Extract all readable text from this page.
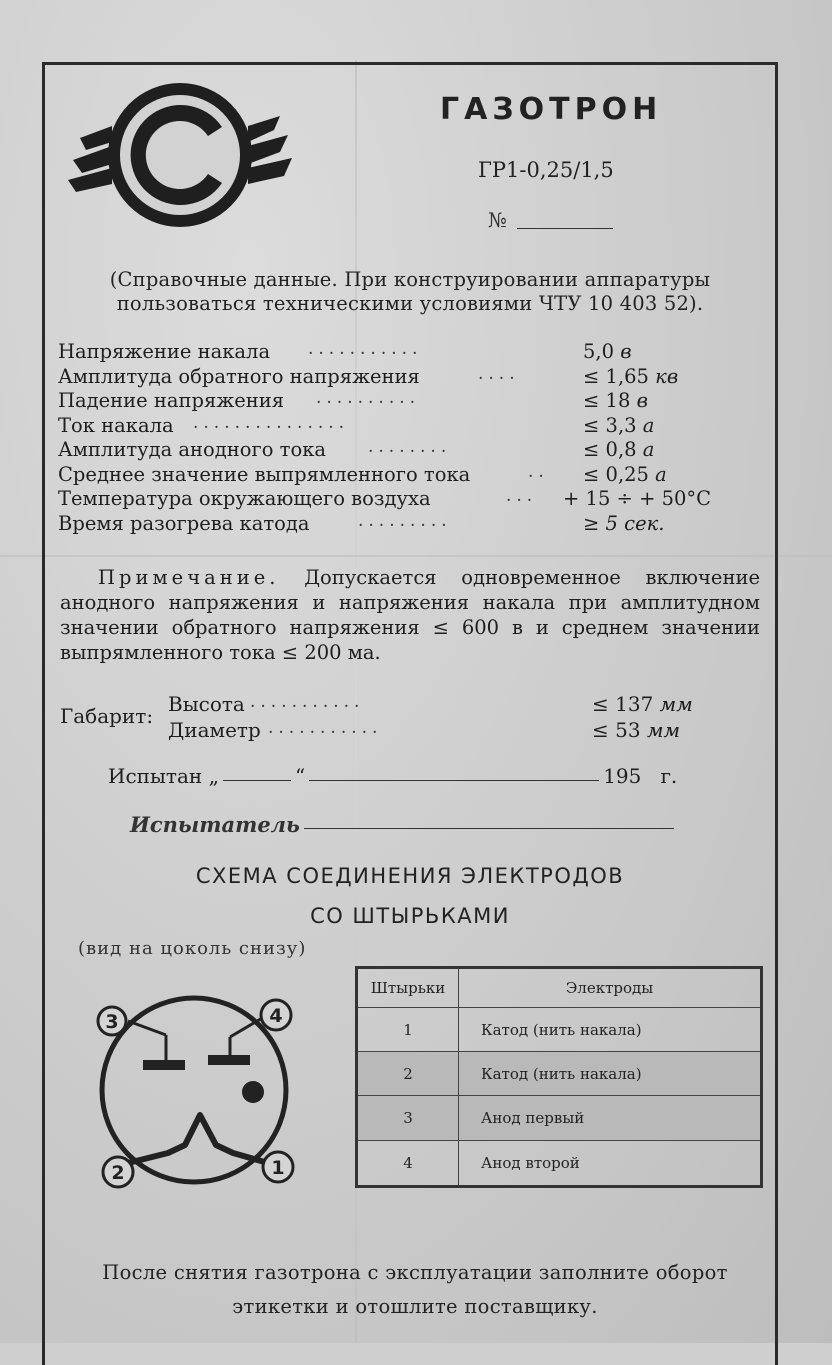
ГАЗОТРОН
ГР1-0,25/1,5
№
(Справочные данные. При конструировании аппаратуры пользоваться техническими условиями ЧТУ 10 403 52).
Напряжение накала ...........	5,0 в
Амплитуда обратного напряжения	....	≤ 1,65 кв
Падение напряжения ..........	≤ 18 в
Ток накала ...............	≤ 3,3 а
Амплитуда анодного тока ........	≤ 0,8 а
Среднее значение выпрямленного тока	.. ≤ 0,25 а
Температура окружающего воздуха	... + 15 ÷ + 50°C
Время разогрева катода	.........	≥ 5 сек.
Примечание. Допускается одновременное включение анодного напряжения и напряжения накала при амплитудном значении обратного напряжения ≤ 600 в и среднем значении выпрямленного тока ≤ 200 ма.
Габарит: Высота ...........	≤ 137 мм
Диаметр ...........	≤ 53 мм
Испытан „	“	195 г.
Испытатель
СХЕМА СОЕДИНЕНИЯ ЭЛЕКТРОДОВ
СО ШТЫРЬКАМИ
(вид на цоколь снизу)
3	4
2	1
Штырьки	Электроды
1	Катод (нить накала)
2	Катод (нить накала)
3	Анод первый
4	Анод второй
После снятия газотрона с эксплуатации заполните оборот
этикетки и отошлите поставщику.
